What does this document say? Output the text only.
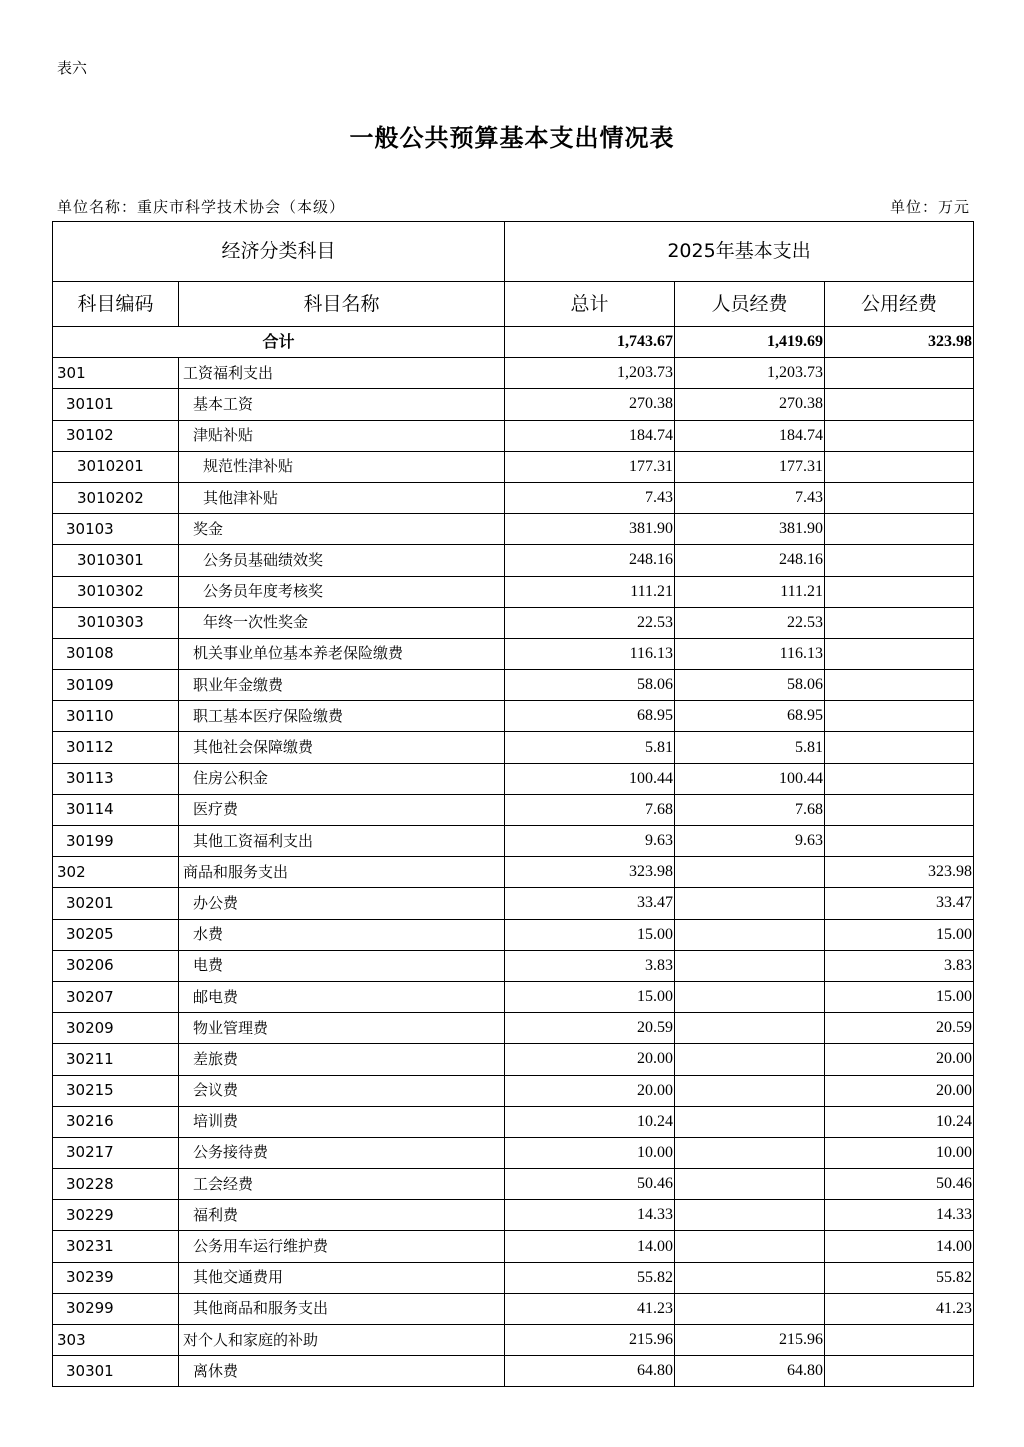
表六
一般公共预算基本支出情况表
单位名称：重庆市科学技术协会（本级）	单位：万元
经济分类科目		2025年基本支出		
科目编码	科目名称	总计	人员经费	公用经费
合计		1,743.67	1,419.69	323.98
301	工资福利支出	1,203.73	1,203.73	
30101	基本工资	270.38	270.38	
30102	津贴补贴	184.74	184.74	
3010201	规范性津补贴	177.31	177.31	
3010202	其他津补贴	7.43	7.43	
30103	奖金	381.90	381.90	
3010301	公务员基础绩效奖	248.16	248.16	
3010302	公务员年度考核奖	111.21	111.21	
3010303	年终一次性奖金	22.53	22.53	
30108	机关事业单位基本养老保险缴费	116.13	116.13	
30109	职业年金缴费	58.06	58.06	
30110	职工基本医疗保险缴费	68.95	68.95	
30112	其他社会保障缴费	5.81	5.81	
30113	住房公积金	100.44	100.44	
30114	医疗费	7.68	7.68	
30199	其他工资福利支出	9.63	9.63	
302	商品和服务支出	323.98		323.98
30201	办公费	33.47		33.47
30205	水费	15.00		15.00
30206	电费	3.83		3.83
30207	邮电费	15.00		15.00
30209	物业管理费	20.59		20.59
30211	差旅费	20.00		20.00
30215	会议费	20.00		20.00
30216	培训费	10.24		10.24
30217	公务接待费	10.00		10.00
30228	工会经费	50.46		50.46
30229	福利费	14.33		14.33
30231	公务用车运行维护费	14.00		14.00
30239	其他交通费用	55.82		55.82
30299	其他商品和服务支出	41.23		41.23
303	对个人和家庭的补助	215.96	215.96	
30301	离休费	64.80	64.80	
